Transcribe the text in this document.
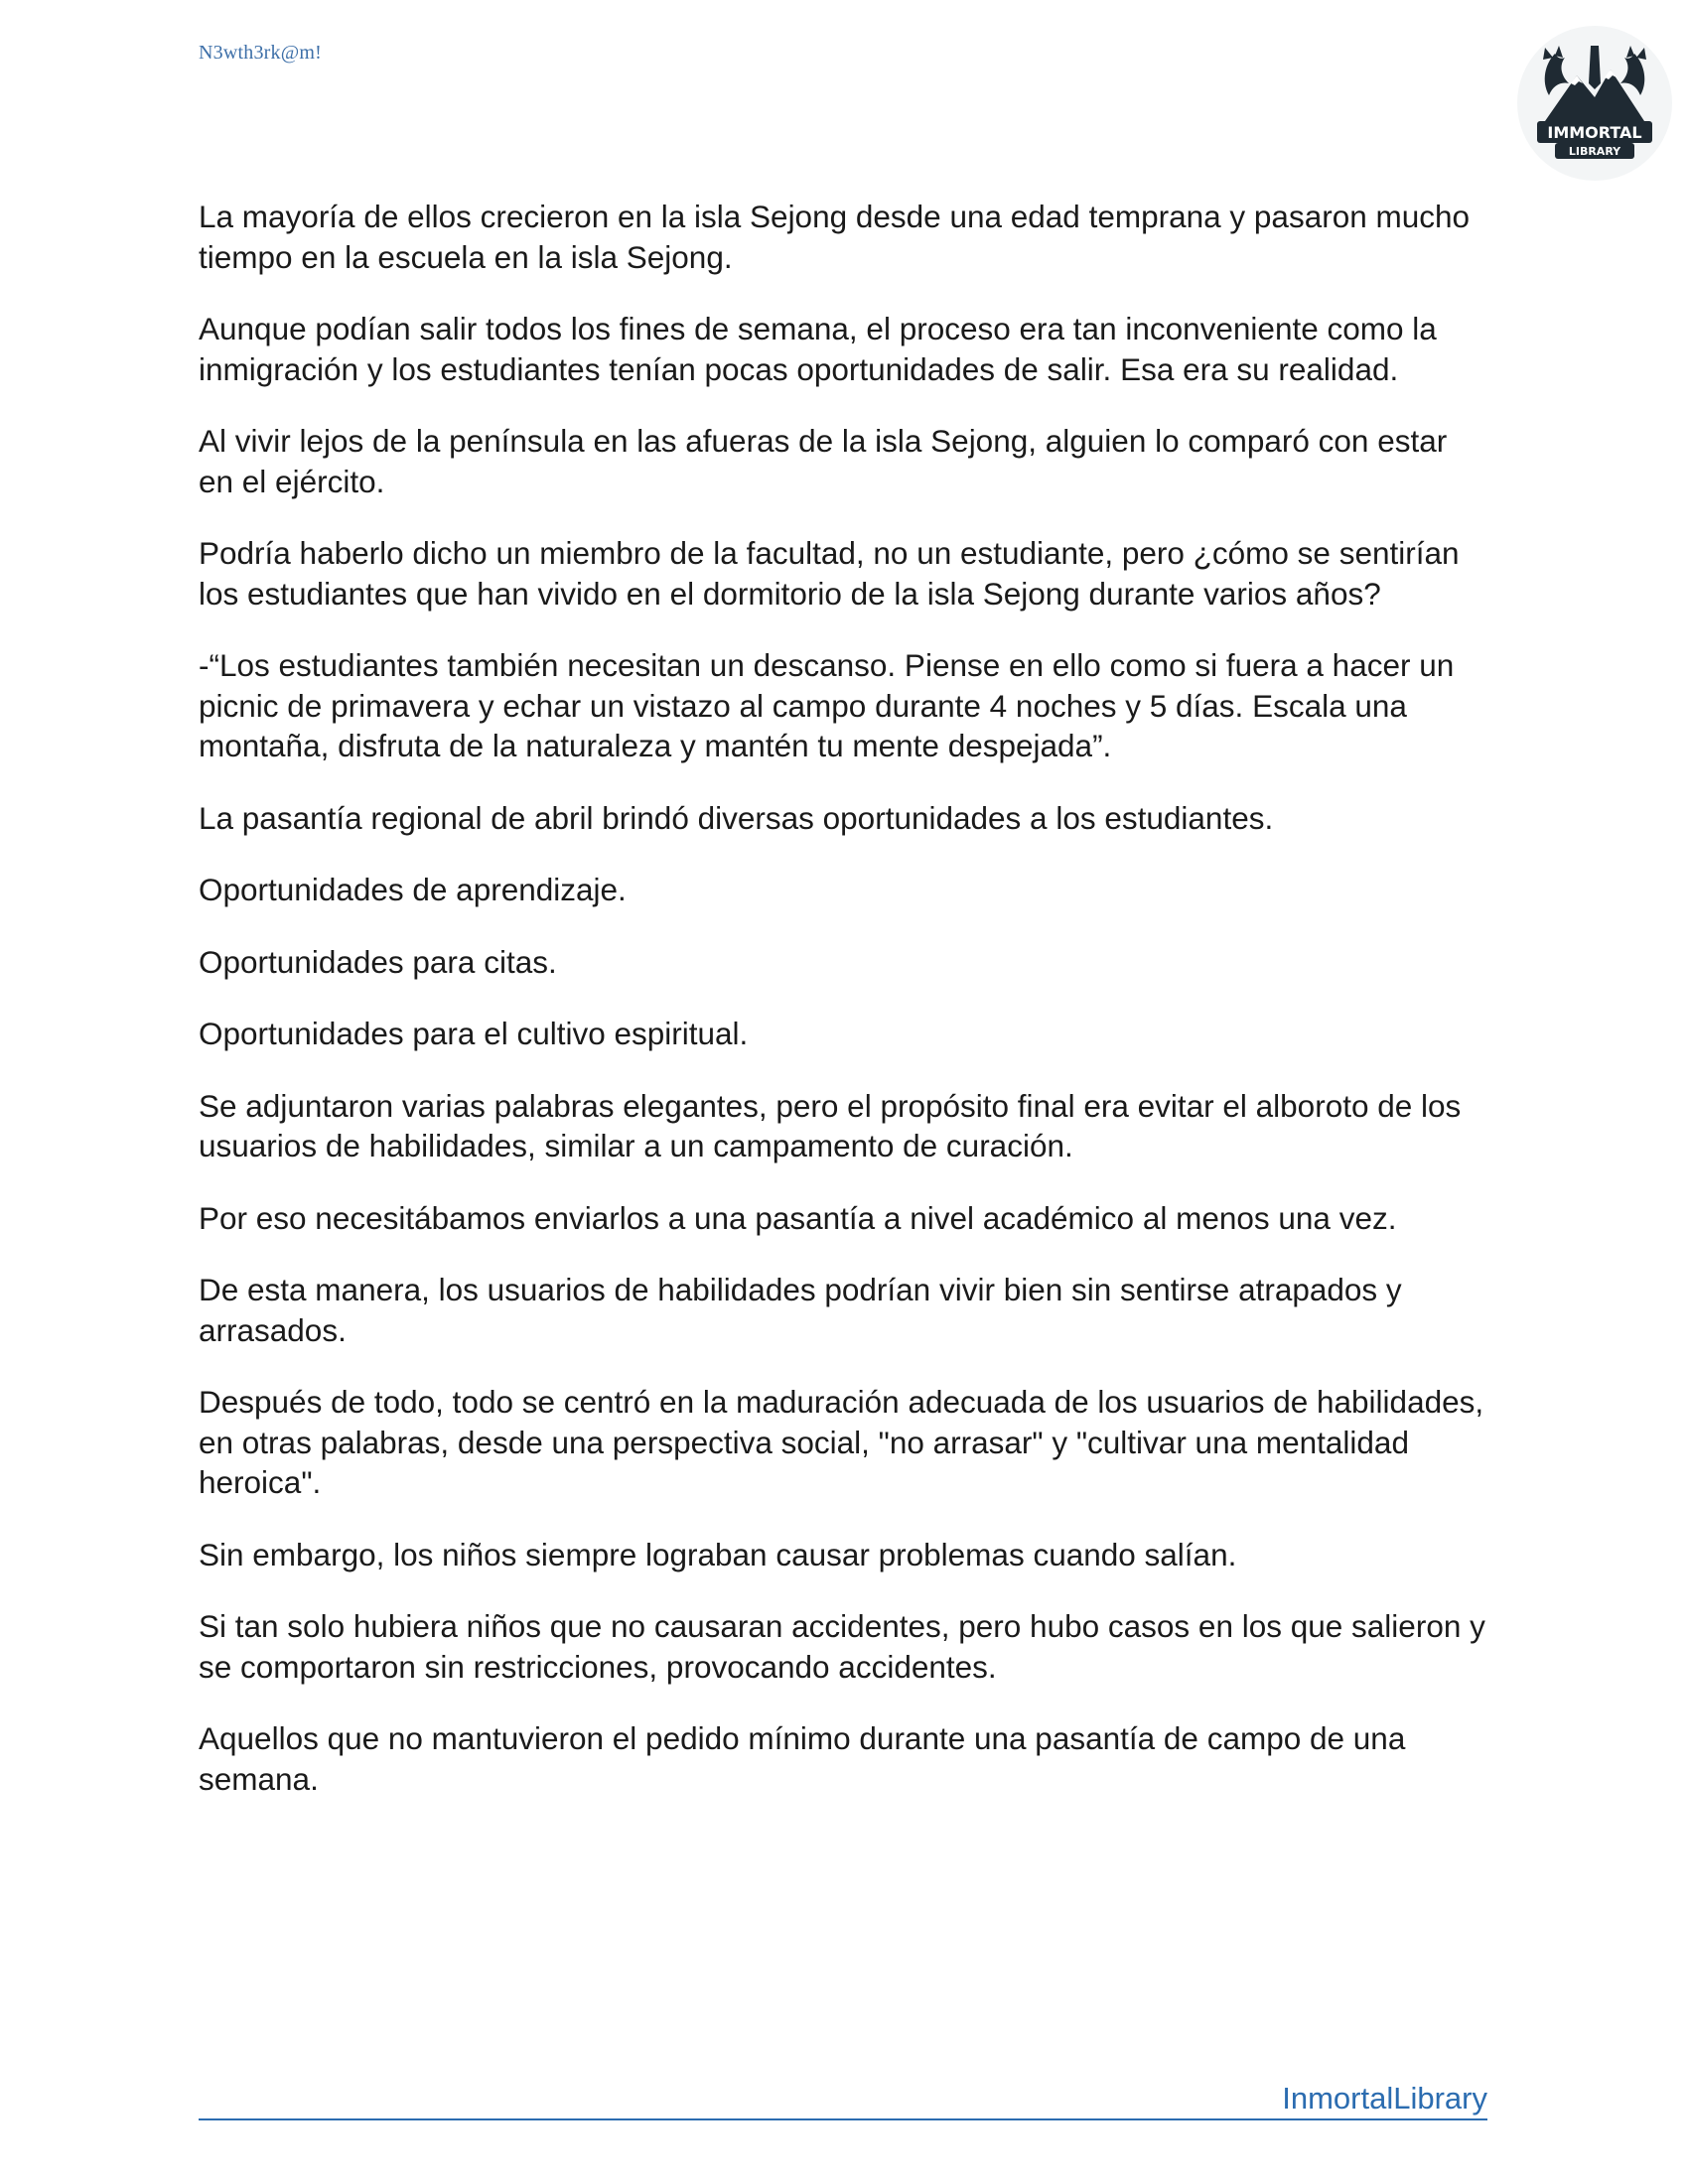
N3wth3rk@m!
IMMORTAL
LIBRARY

La mayoría de ellos crecieron en la isla Sejong desde una edad temprana y pasaron mucho tiempo en la escuela en la isla Sejong.

Aunque podían salir todos los fines de semana, el proceso era tan inconveniente como la inmigración y los estudiantes tenían pocas oportunidades de salir. Esa era su realidad.

Al vivir lejos de la península en las afueras de la isla Sejong, alguien lo comparó con estar en el ejército.

Podría haberlo dicho un miembro de la facultad, no un estudiante, pero ¿cómo se sentirían los estudiantes que han vivido en el dormitorio de la isla Sejong durante varios años?

-“Los estudiantes también necesitan un descanso. Piense en ello como si fuera a hacer un picnic de primavera y echar un vistazo al campo durante 4 noches y 5 días. Escala una montaña, disfruta de la naturaleza y mantén tu mente despejada”.

La pasantía regional de abril brindó diversas oportunidades a los estudiantes.

Oportunidades de aprendizaje.

Oportunidades para citas.

Oportunidades para el cultivo espiritual.

Se adjuntaron varias palabras elegantes, pero el propósito final era evitar el alboroto de los usuarios de habilidades, similar a un campamento de curación.

Por eso necesitábamos enviarlos a una pasantía a nivel académico al menos una vez.

De esta manera, los usuarios de habilidades podrían vivir bien sin sentirse atrapados y arrasados.

Después de todo, todo se centró en la maduración adecuada de los usuarios de habilidades, en otras palabras, desde una perspectiva social, "no arrasar" y "cultivar una mentalidad heroica".

Sin embargo, los niños siempre lograban causar problemas cuando salían.

Si tan solo hubiera niños que no causaran accidentes, pero hubo casos en los que salieron y se comportaron sin restricciones, provocando accidentes.

Aquellos que no mantuvieron el pedido mínimo durante una pasantía de campo de una semana.

InmortalLibrary
